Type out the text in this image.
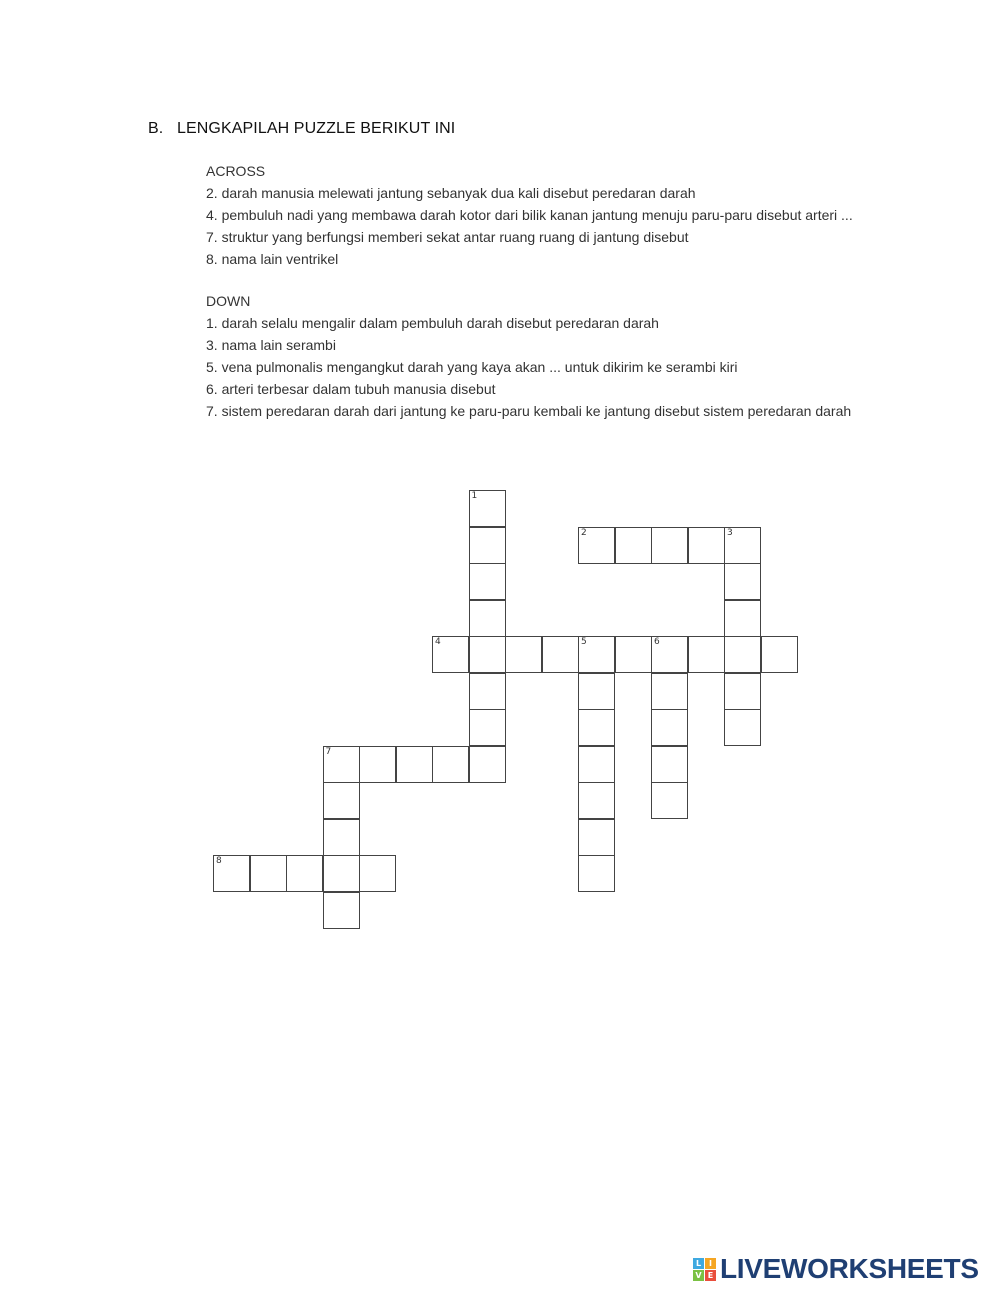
B. LENGKAPILAH PUZZLE BERIKUT INI

ACROSS

2. darah manusia melewati jantung sebanyak dua kali disebut peredaran darah
4. pembuluh nadi yang membawa darah kotor dari bilik kanan jantung menuju paru-paru disebut arteri ...
7. struktur yang berfungsi memberi sekat antar ruang ruang di jantung disebut
8. nama lain ventrikel

DOWN

1. darah selalu mengalir dalam pembuluh darah disebut peredaran darah
3. nama lain serambi
5. vena pulmonalis mengangkut darah yang kaya akan ... untuk dikirim ke serambi kiri
6. arteri terbesar dalam tubuh manusia disebut
7. sistem peredaran darah dari jantung ke paru-paru kembali ke jantung disebut sistem peredaran darah
1
2	3
4	5	6
7
8
L I
V E LIVEWORKSHEETS
